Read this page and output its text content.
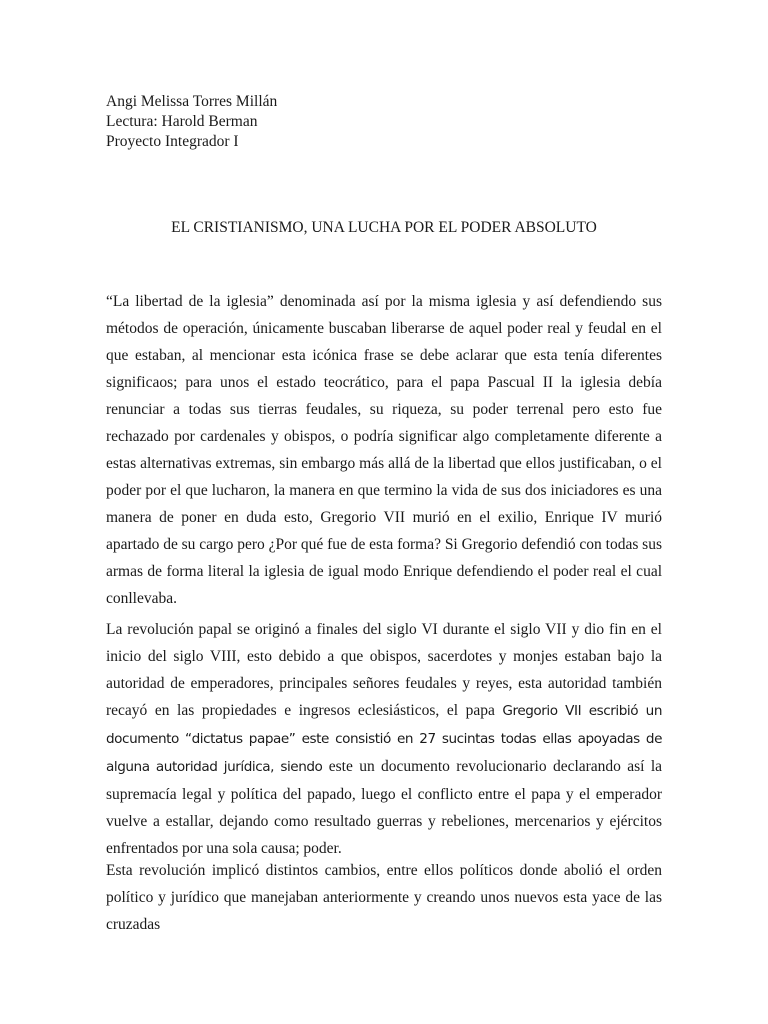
Angi Melissa Torres Millán
Lectura: Harold Berman
Proyecto Integrador I
EL CRISTIANISMO, UNA LUCHA POR EL PODER ABSOLUTO

“La libertad de la iglesia” denominada así por la misma iglesia y así defendiendo sus métodos de operación, únicamente buscaban liberarse de aquel poder real y feudal en el que estaban, al mencionar esta icónica frase se debe aclarar que esta tenía diferentes significaos; para unos el estado teocrático, para el papa Pascual II la iglesia debía renunciar a todas sus tierras feudales, su riqueza, su poder terrenal pero esto fue rechazado por cardenales y obispos, o podría significar algo completamente diferente a estas alternativas extremas, sin embargo más allá de la libertad que ellos justificaban, o el poder por el que lucharon, la manera en que termino la vida de sus dos iniciadores es una manera de poner en duda esto, Gregorio VII murió en el exilio, Enrique IV murió apartado de su cargo pero ¿Por qué fue de esta forma? Si Gregorio defendió con todas sus armas de forma literal la iglesia de igual modo Enrique defendiendo el poder real el cual conllevaba.

La revolución papal se originó a finales del siglo VI durante el siglo VII y dio fin en el inicio del siglo VIII, esto debido a que obispos, sacerdotes y monjes estaban bajo la autoridad de emperadores, principales señores feudales y reyes, esta autoridad también recayó en las propiedades e ingresos eclesiásticos, el papa Gregorio VII escribió un documento “dictatus papae” este consistió en 27 sucintas todas ellas apoyadas de alguna autoridad jurídica, siendo este un documento revolucionario declarando así la supremacía legal y política del papado, luego el conflicto entre el papa y el emperador vuelve a estallar, dejando como resultado guerras y rebeliones, mercenarios y ejércitos enfrentados por una sola causa; poder.

Esta revolución implicó distintos cambios, entre ellos políticos donde abolió el orden político y jurídico que manejaban anteriormente y creando unos nuevos esta yace de las cruzadas
